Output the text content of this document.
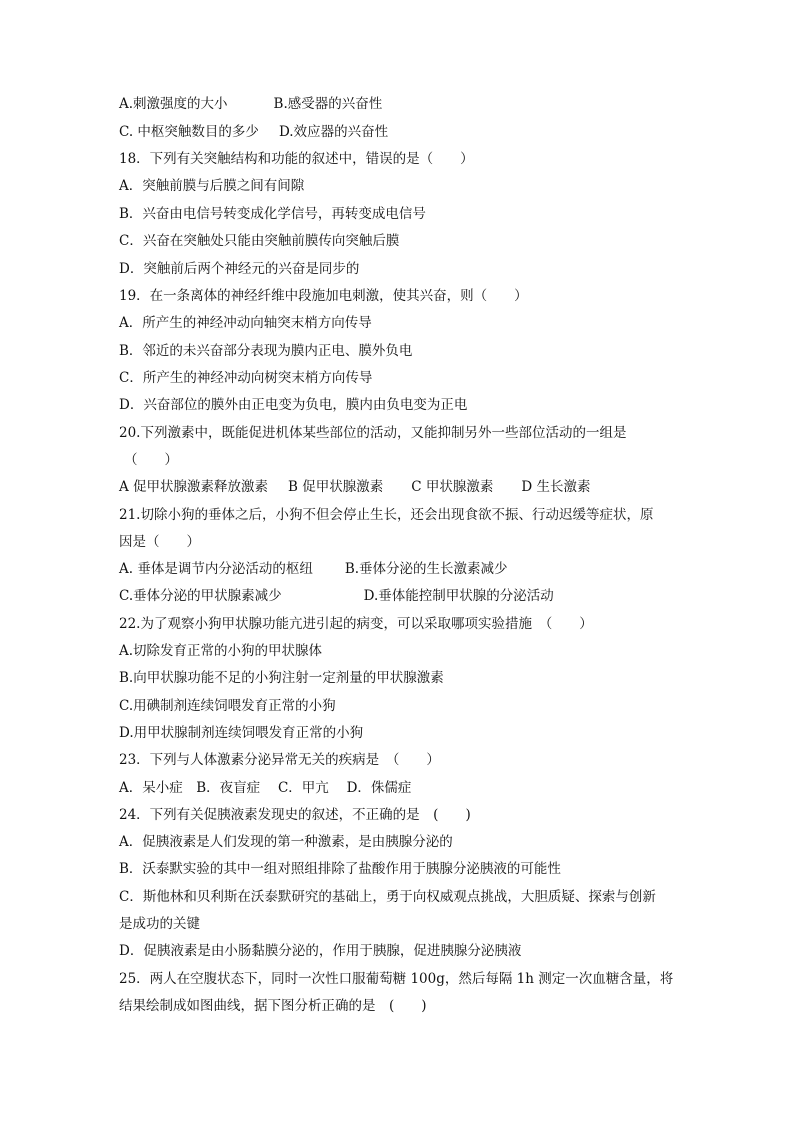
A.刺激强度的大小	B.感受器的兴奋性
C. 中枢突触数目的多少 D.效应器的兴奋性
18．下列有关突触结构和功能的叙述中，错误的是（　　）
A．突触前膜与后膜之间有间隙
B．兴奋由电信号转变成化学信号，再转变成电信号
C．兴奋在突触处只能由突触前膜传向突触后膜
D．突触前后两个神经元的兴奋是同步的
19．在一条离体的神经纤维中段施加电刺激，使其兴奋，则（　　）
A．所产生的神经冲动向轴突末梢方向传导
B．邻近的未兴奋部分表现为膜内正电、膜外负电
C．所产生的神经冲动向树突末梢方向传导
D．兴奋部位的膜外由正电变为负电，膜内由负电变为正电
20.下列激素中，既能促进机体某些部位的活动，又能抑制另外一些部位活动的一组是
（　　）
A 促甲状腺激素释放激素 B 促甲状腺激素 C 甲状腺激素 D 生长激素
21.切除小狗的垂体之后，小狗不但会停止生长，还会出现食欲不振、行动迟缓等症状，原
因是（　　）
A. 垂体是调节内分泌活动的枢纽 B.垂体分泌的生长激素减少
C.垂体分泌的甲状腺素减少	D.垂体能控制甲状腺的分泌活动
22.为了观察小狗甲状腺功能亢进引起的病变，可以采取哪项实验措施　（　　）
A.切除发育正常的小狗的甲状腺体
B.向甲状腺功能不足的小狗注射一定剂量的甲状腺激素
C.用碘制剂连续饲喂发育正常的小狗
D.用甲状腺制剂连续饲喂发育正常的小狗
23．下列与人体激素分泌异常无关的疾病是　（　　）
A．呆小症　B．夜盲症　 C．甲亢　 D．侏儒症
24．下列有关促胰液素发现史的叙述，不正确的是　(　　)
A．促胰液素是人们发现的第一种激素，是由胰腺分泌的
B．沃泰默实验的其中一组对照组排除了盐酸作用于胰腺分泌胰液的可能性
C．斯他林和贝利斯在沃泰默研究的基础上，勇于向权威观点挑战，大胆质疑、探索与创新
是成功的关键
D．促胰液素是由小肠黏膜分泌的，作用于胰腺，促进胰腺分泌胰液
25．两人在空腹状态下，同时一次性口服葡萄糖 100g，然后每隔 1h 测定一次血糖含量，将
结果绘制成如图曲线，据下图分析正确的是　(　　)
